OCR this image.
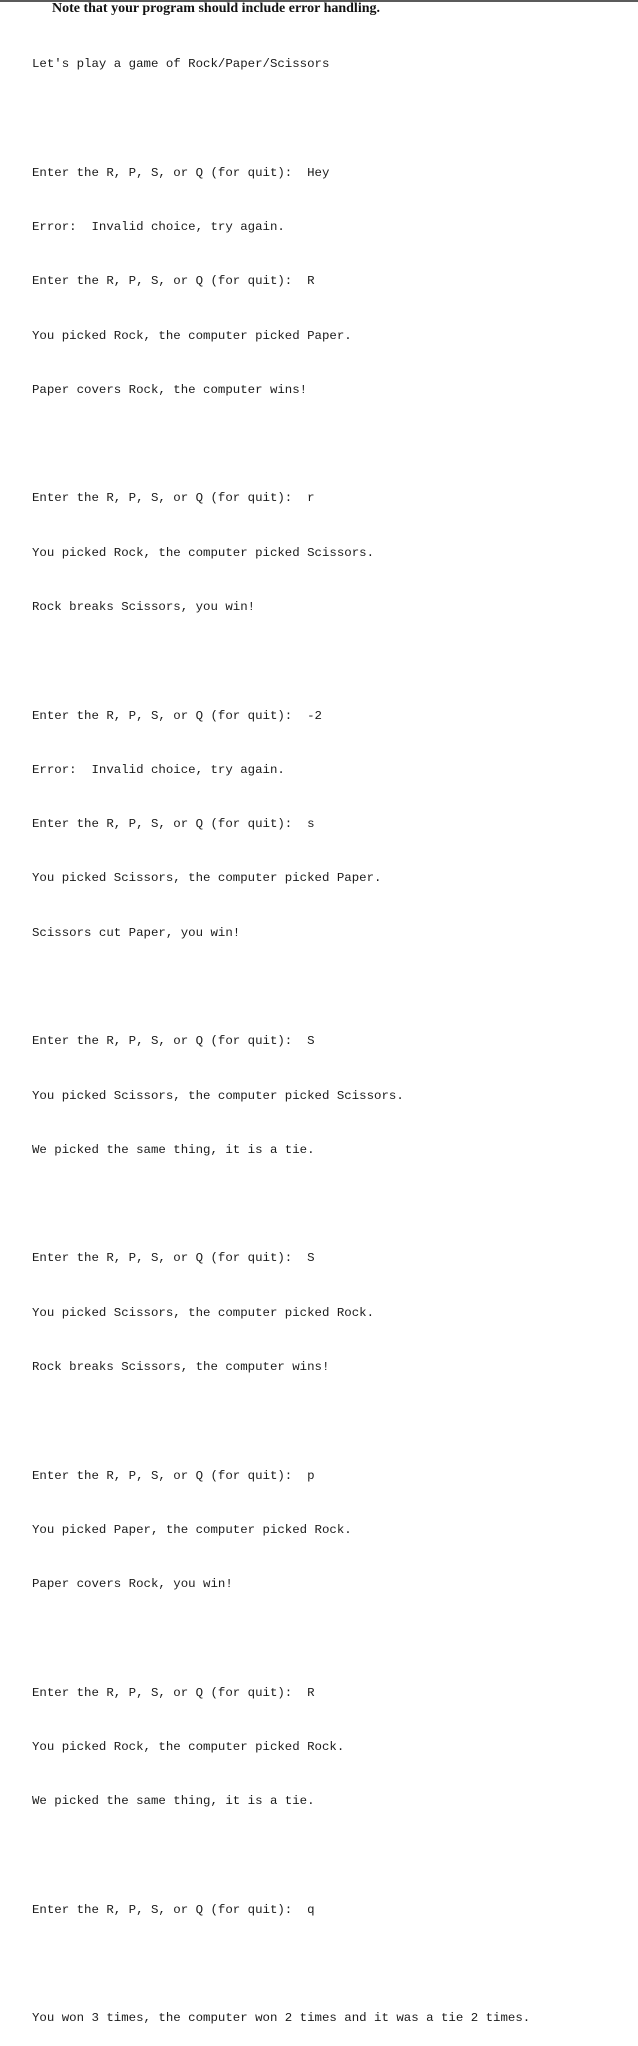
Note that your program should include error handling.

Let's play a game of Rock/Paper/Scissors

Enter the R, P, S, or Q (for quit):  Hey

Error:  Invalid choice, try again.

Enter the R, P, S, or Q (for quit):  R

You picked Rock, the computer picked Paper.

Paper covers Rock, the computer wins!

Enter the R, P, S, or Q (for quit):  r

You picked Rock, the computer picked Scissors.

Rock breaks Scissors, you win!

Enter the R, P, S, or Q (for quit):  -2

Error:  Invalid choice, try again.

Enter the R, P, S, or Q (for quit):  s

You picked Scissors, the computer picked Paper.

Scissors cut Paper, you win!

Enter the R, P, S, or Q (for quit):  S

You picked Scissors, the computer picked Scissors.

We picked the same thing, it is a tie.

Enter the R, P, S, or Q (for quit):  S

You picked Scissors, the computer picked Rock.

Rock breaks Scissors, the computer wins!

Enter the R, P, S, or Q (for quit):  p

You picked Paper, the computer picked Rock.

Paper covers Rock, you win!

Enter the R, P, S, or Q (for quit):  R

You picked Rock, the computer picked Rock.

We picked the same thing, it is a tie.

Enter the R, P, S, or Q (for quit):  q

You won 3 times, the computer won 2 times and it was a tie 2 times.
